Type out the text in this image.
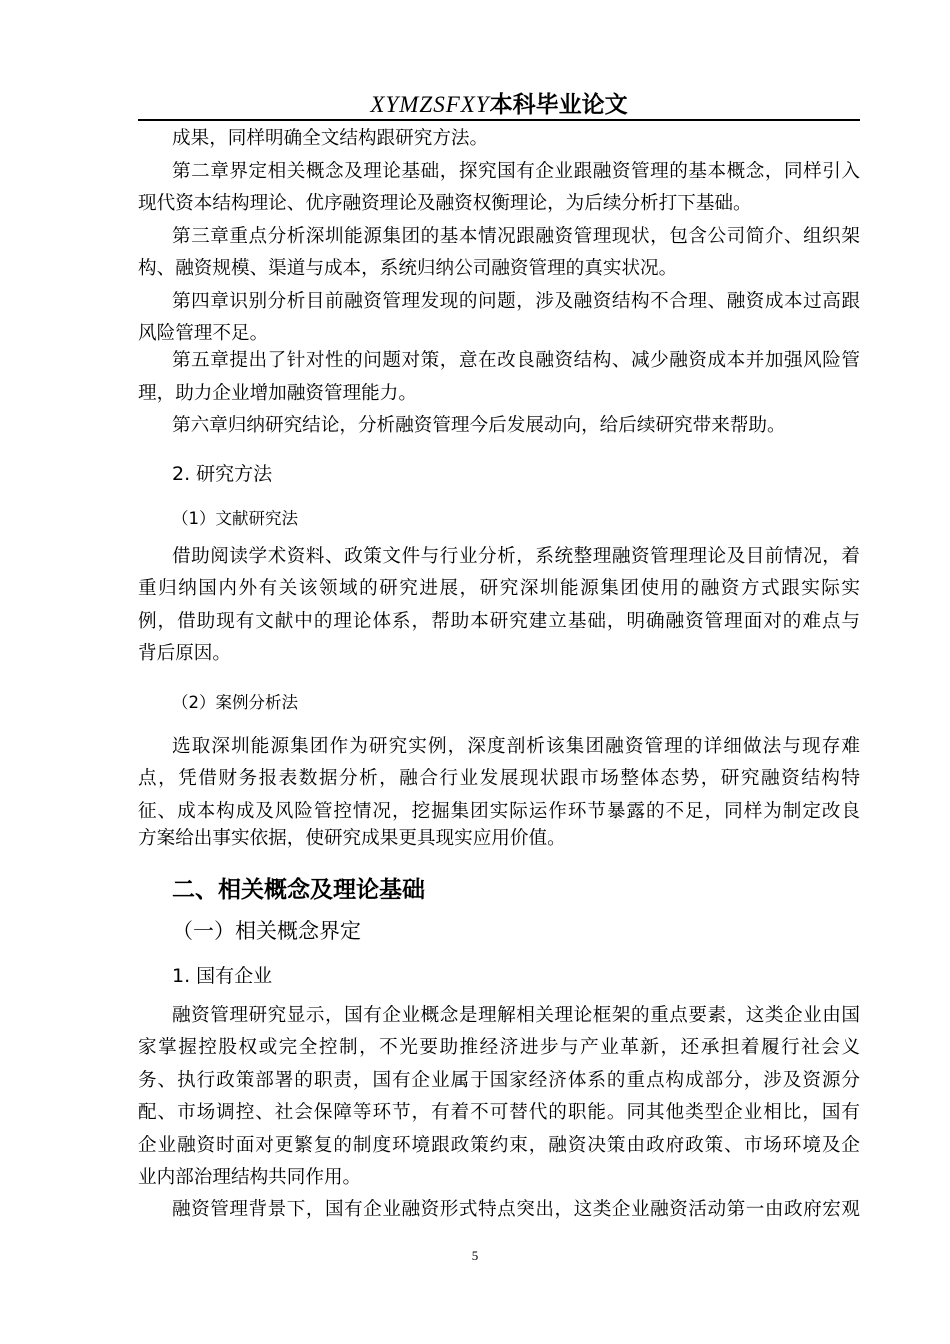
XYMZSFXY本科毕业论文
成果，同样明确全文结构跟研究方法。
第二章界定相关概念及理论基础，探究国有企业跟融资管理的基本概念，同样引入
现代资本结构理论、优序融资理论及融资权衡理论，为后续分析打下基础。
第三章重点分析深圳能源集团的基本情况跟融资管理现状，包含公司简介、组织架
构、融资规模、渠道与成本，系统归纳公司融资管理的真实状况。
第四章识别分析目前融资管理发现的问题，涉及融资结构不合理、融资成本过高跟
风险管理不足。
第五章提出了针对性的问题对策，意在改良融资结构、减少融资成本并加强风险管
理，助力企业增加融资管理能力。
第六章归纳研究结论，分析融资管理今后发展动向，给后续研究带来帮助。
2. 研究方法
（1）文献研究法
借助阅读学术资料、政策文件与行业分析，系统整理融资管理理论及目前情况，着
重归纳国内外有关该领域的研究进展，研究深圳能源集团使用的融资方式跟实际实
例，借助现有文献中的理论体系，帮助本研究建立基础，明确融资管理面对的难点与
背后原因。
（2）案例分析法
选取深圳能源集团作为研究实例，深度剖析该集团融资管理的详细做法与现存难
点，凭借财务报表数据分析，融合行业发展现状跟市场整体态势，研究融资结构特
征、成本构成及风险管控情况，挖掘集团实际运作环节暴露的不足，同样为制定改良
方案给出事实依据，使研究成果更具现实应用价值。
二、相关概念及理论基础
（一）相关概念界定
1. 国有企业
融资管理研究显示，国有企业概念是理解相关理论框架的重点要素，这类企业由国
家掌握控股权或完全控制，不光要助推经济进步与产业革新，还承担着履行社会义
务、执行政策部署的职责，国有企业属于国家经济体系的重点构成部分，涉及资源分
配、市场调控、社会保障等环节，有着不可替代的职能。同其他类型企业相比，国有
企业融资时面对更繁复的制度环境跟政策约束，融资决策由政府政策、市场环境及企
业内部治理结构共同作用。
融资管理背景下，国有企业融资形式特点突出，这类企业融资活动第一由政府宏观
5
